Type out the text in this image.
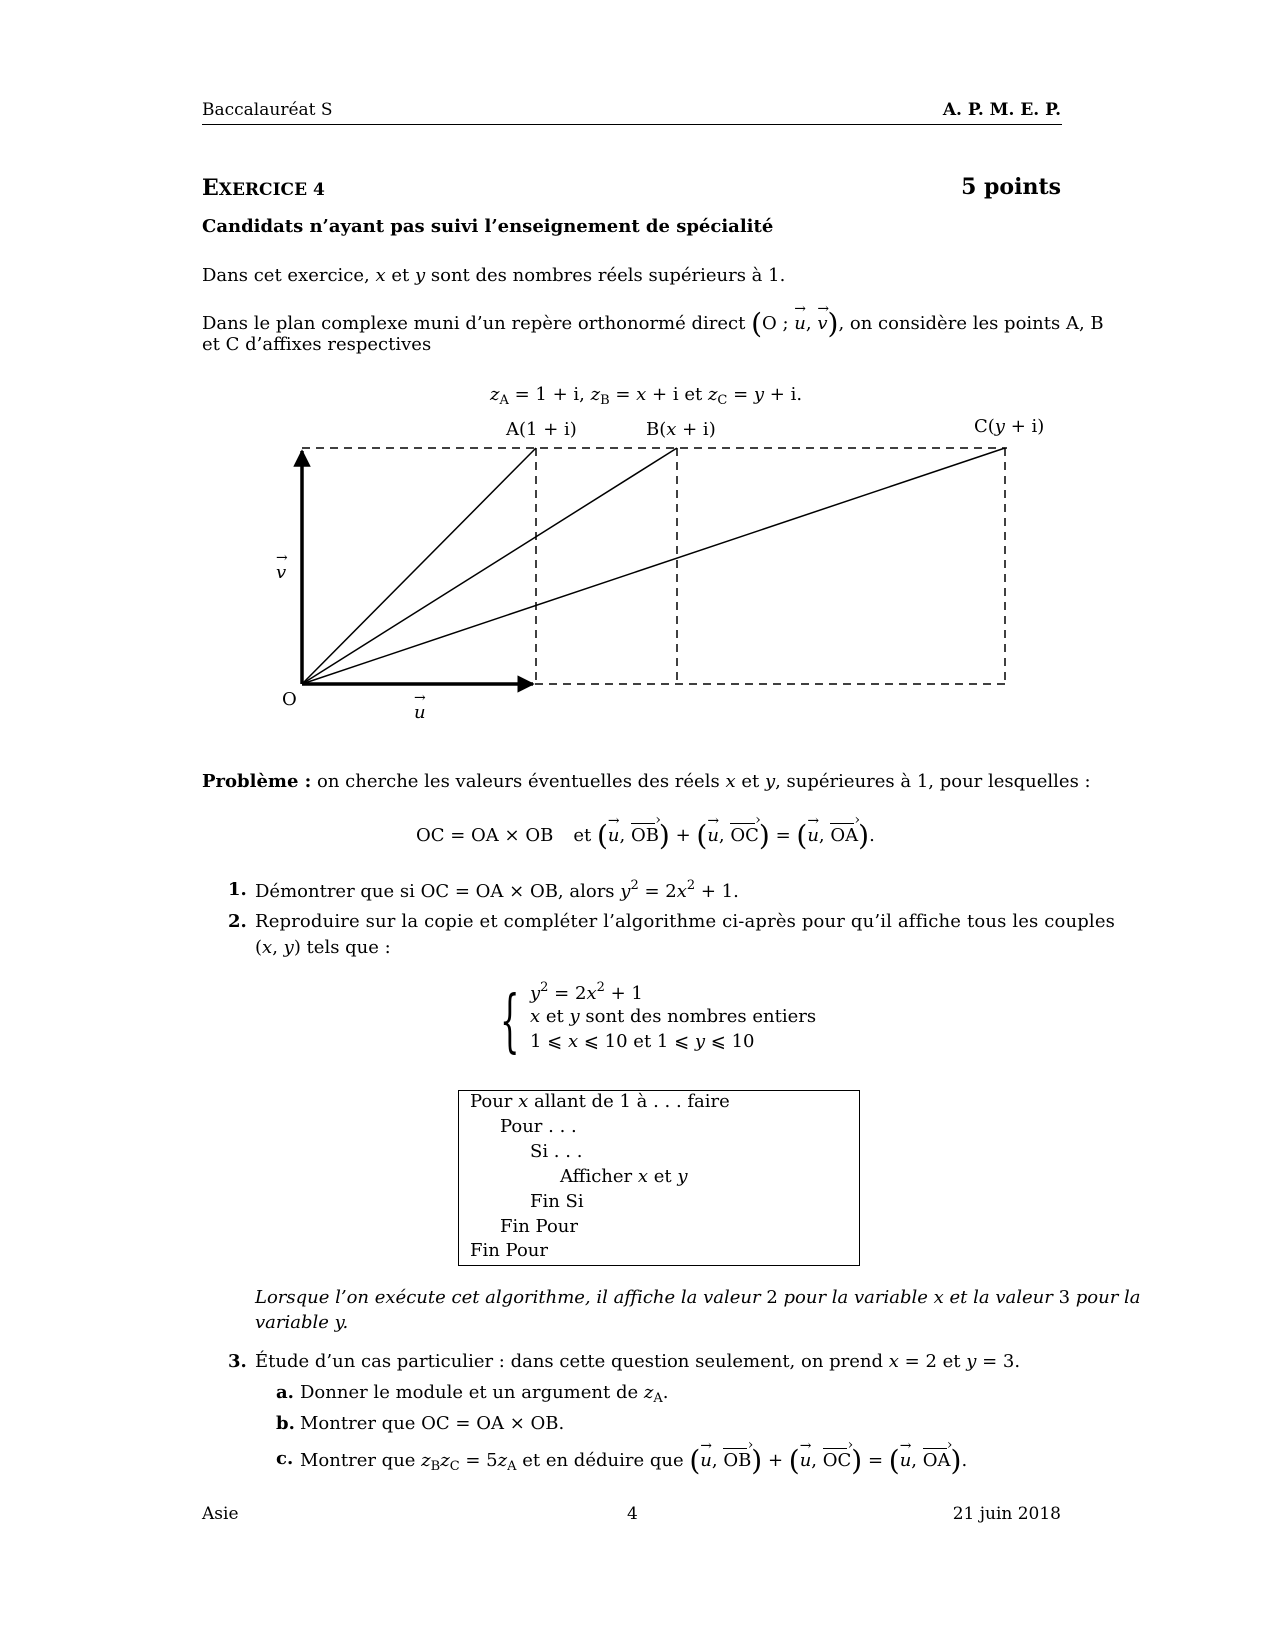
Baccalauréat S	A. P. M. E. P.
EXERCICE 4	5 points
Candidats n’ayant pas suivi l’enseignement de spécialité
Dans cet exercice, x et y sont des nombres réels supérieurs à 1.
Dans le plan complexe muni d’un repère orthonormé direct (O ; → u, → v), on considère les points A, B
et C d’affixes respectives
$z_A = 1 + i$, $z_B = x + i$ et $z_C = y + i$.
A(1 + i)	B(x + i)	C(y + i)
O
→ u
→ v
Problème : on cherche les valeurs éventuelles des réels x et y, supérieures à 1, pour lesquelles :
OC = OA × OB et (→ u, OB ›) + (→ u, OC ›) = (→ u, OA ›).
1. Démontrer que si OC = OA × OB, alors $y^2 = 2x^2 + 1$.
2. Reproduire sur la copie et compléter l’algorithme ci-après pour qu’il affiche tous les couples
(x, y) tels que :
{ $y^2 = 2x^2 + 1$
x et y sont des nombres entiers
1 ⩽ x ⩽ 10 et 1 ⩽ y ⩽ 10
Pour x allant de 1 à . . . faire
Pour . . .
Si . . .
Afficher x et y
Fin Si
Fin Pour
Fin Pour
Lorsque l’on exécute cet algorithme, il affiche la valeur 2 pour la variable x et la valeur 3 pour la
variable y.
3. Étude d’un cas particulier : dans cette question seulement, on prend x = 2 et y = 3.
a. Donner le module et un argument de $z_A$.
b. Montrer que OC = OA × OB.
c. Montrer que $z_Bz_C = 5z_A$ et en déduire que (→ u, OB ›) + (→ u, OC ›) = (→ u, OA ›).
Asie	4	21 juin 2018
